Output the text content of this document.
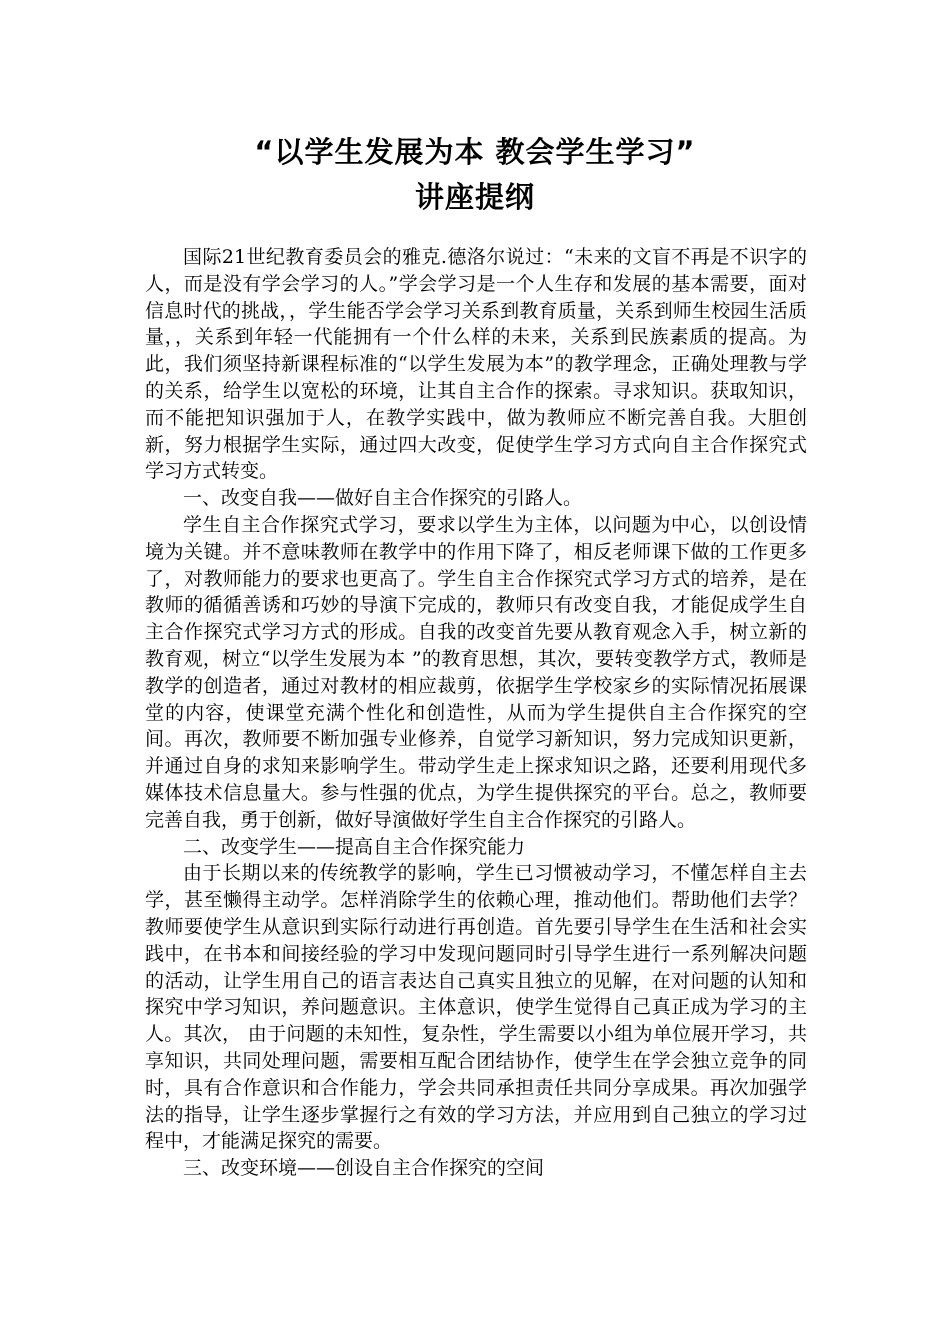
“以学生发展为本 教会学生学习”
讲座提纲

国际21世纪教育委员会的雅克.德洛尔说过：“未来的文盲不再是不识字的人，而是没有学会学习的人。”学会学习是一个人生存和发展的基本需要，面对信息时代的挑战，，学生能否学会学习关系到教育质量，关系到师生校园生活质量，，关系到年轻一代能拥有一个什么样的未来，关系到民族素质的提高。为此，我们须坚持新课程标准的“以学生发展为本”的教学理念，正确处理教与学的关系，给学生以宽松的环境，让其自主合作的探索。寻求知识。获取知识，而不能把知识强加于人，在教学实践中，做为教师应不断完善自我。大胆创新，努力根据学生实际，通过四大改变，促使学生学习方式向自主合作探究式学习方式转变。

一、改变自我——做好自主合作探究的引路人。

学生自主合作探究式学习，要求以学生为主体，以问题为中心，以创设情境为关键。并不意味教师在教学中的作用下降了，相反老师课下做的工作更多了，对教师能力的要求也更高了。学生自主合作探究式学习方式的培养，是在教师的循循善诱和巧妙的导演下完成的，教师只有改变自我，才能促成学生自主合作探究式学习方式的形成。自我的改变首先要从教育观念入手，树立新的教育观，树立“以学生发展为本 ”的教育思想，其次，要转变教学方式，教师是教学的创造者，通过对教材的相应裁剪，依据学生学校家乡的实际情况拓展课堂的内容，使课堂充满个性化和创造性，从而为学生提供自主合作探究的空间。再次，教师要不断加强专业修养，自觉学习新知识，努力完成知识更新，并通过自身的求知来影响学生。带动学生走上探求知识之路，还要利用现代多媒体技术信息量大。参与性强的优点，为学生提供探究的平台。总之，教师要完善自我，勇于创新，做好导演做好学生自主合作探究的引路人。

二、改变学生——提高自主合作探究能力

由于长期以来的传统教学的影响，学生已习惯被动学习，不懂怎样自主去学，甚至懒得主动学。怎样消除学生的依赖心理，推动他们。帮助他们去学？教师要使学生从意识到实际行动进行再创造。首先要引导学生在生活和社会实践中，在书本和间接经验的学习中发现问题同时引导学生进行一系列解决问题的活动，让学生用自己的语言表达自己真实且独立的见解，在对问题的认知和探究中学习知识，养问题意识。主体意识，使学生觉得自己真正成为学习的主人。其次， 由于问题的未知性，复杂性，学生需要以小组为单位展开学习，共享知识，共同处理问题，需要相互配合团结协作，使学生在学会独立竞争的同时，具有合作意识和合作能力，学会共同承担责任共同分享成果。再次加强学法的指导，让学生逐步掌握行之有效的学习方法，并应用到自己独立的学习过程中，才能满足探究的需要。

三、改变环境——创设自主合作探究的空间
